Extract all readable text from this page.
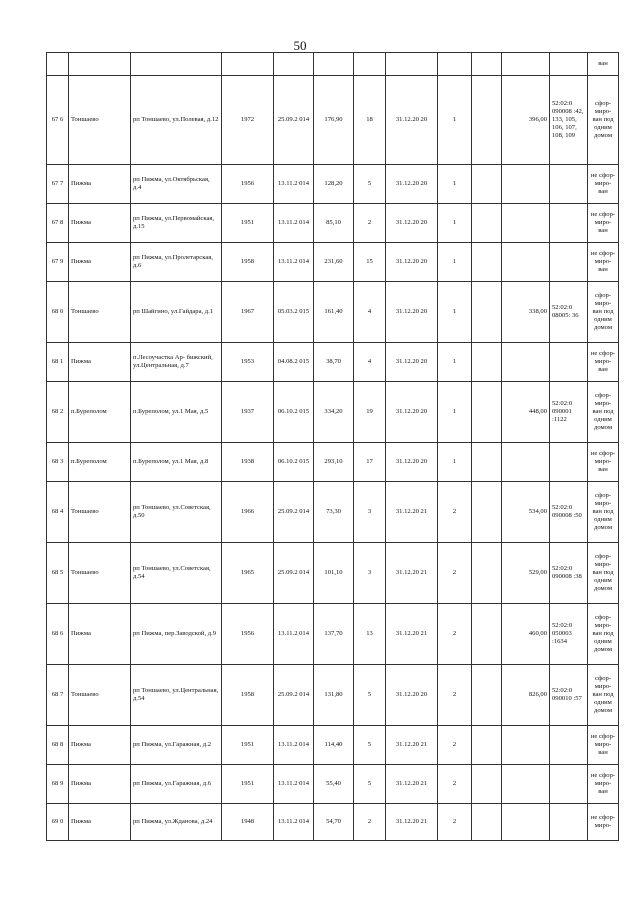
50
												ван
67 6	Тоншаево	рп Тоншаево, ул.Полевая, д.12	1972	25.09.2 014	176,90	18	31.12.20 20	1		396,00	52:02:0 090008 :42, 133, 105, 106, 107, 108, 109	сфор- миро- ван под одним домом
67 7	Пижма	рп Пижма, ул.Октябрьская, д.4	1956	13.11.2 014	128,20	5	31.12.20 20	1				не сфор- миро- ван
67 8	Пижма	рп Пижма, ул.Первомайская, д.15	1951	13.11.2 014	85,10	2	31.12.20 20	1				не сфор- миро- ван
67 9	Пижма	рп Пижма, ул.Пролетарская, д.6	1958	13.11.2 014	231,60	15	31.12.20 20	1				не сфор- миро- ван
68 0	Тоншаево	рп Шайгино, ул.Гайдара, д.1	1967	05.03.2 015	161,40	4	31.12.20 20	1		338,00	52:02:0 08005: 36	сфор- миро- ван под одним домом
68 1	Пижма	п.Лесоучастка Ар- бижский, ул.Центральная, д.7	1953	04.08.2 015	38,70	4	31.12.20 20	1				не сфор- миро- ван
68 2	п.Буреполом	п.Буреполом, ул.1 Мая, д.5	1937	06.10.2 015	334,20	19	31.12.20 20	1		448,00	52:02:0 090001 :1122	сфор- миро- ван под одним домом
68 3	п.Буреполом	п.Буреполом, ул.1 Мая, д.8	1938	06.10.2 015	293,10	17	31.12.20 20	1				не сфор- миро- ван
68 4	Тоншаево	рп Тоншаево, ул.Советская, д.50	1966	25.09.2 014	73,30	3	31.12.20 21	2		534,00	52:02:0 090008 :50	сфор- миро- ван под одним домом
68 5	Тоншаево	рп Тоншаево, ул.Советская, д.54	1965	25.09.2 014	101,10	3	31.12.20 21	2		529,00	52:02:0 090008 :38	сфор- миро- ван под одним домом
68 6	Пижма	рп Пижма, пер.Заводской, д.9	1956	13.11.2 014	137,70	13	31.12.20 21	2		460,00	52:02:0 050003 :1634	сфор- миро- ван под одним домом
68 7	Тоншаево	рп Тоншаево, ул.Центральная, д.54	1958	25.09.2 014	131,80	5	31.12.20 20	2		826,00	52:02:0 090010 :57	сфор- миро- ван под одним домом
68 8	Пижма	рп Пижма, ул.Гаражная, д.2	1951	13.11.2 014	114,40	5	31.12.20 21	2				не сфор- миро- ван
68 9	Пижма	рп Пижма, ул.Гаражная, д.6	1951	13.11.2 014	55,40	5	31.12.20 21	2				не сфор- миро- ван
69 0	Пижма	рп Пижма, ул.Жданова, д.24	1948	13.11.2 014	54,70	2	31.12.20 21	2				не сфор- миро-
